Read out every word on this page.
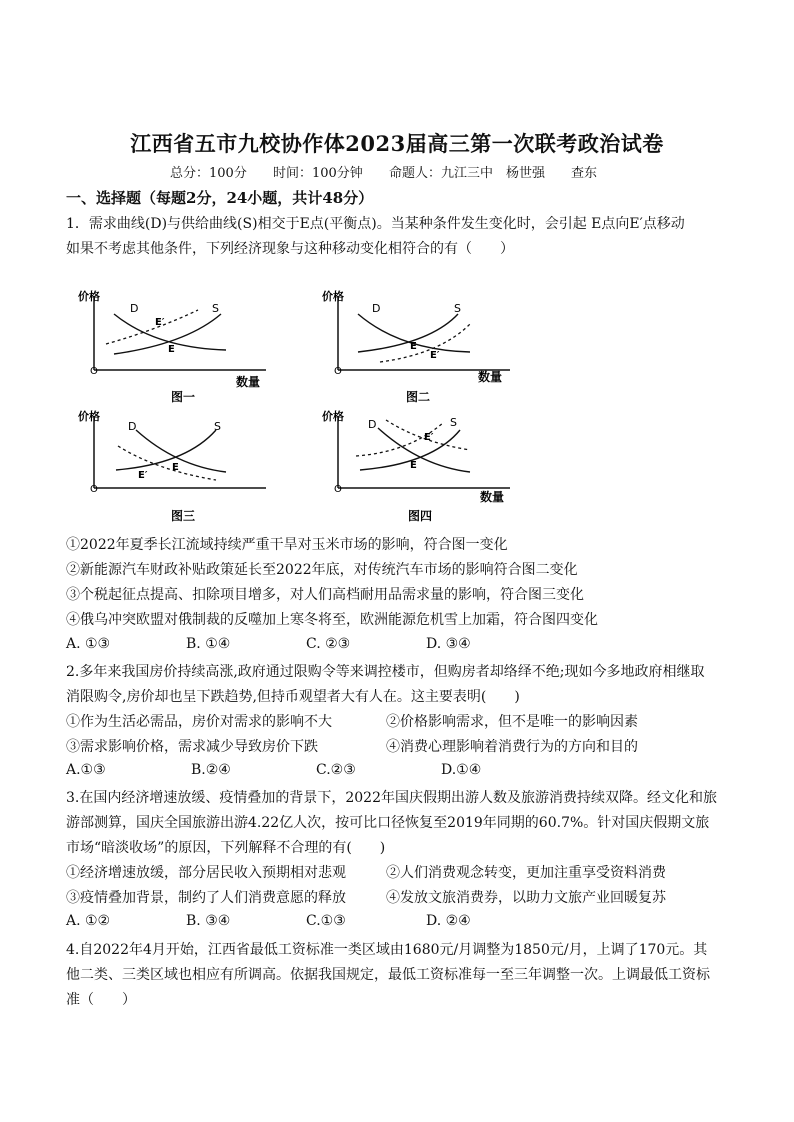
江西省五市九校协作体2023届高三第一次联考政治试卷
总分：100分 时间：100分钟 命题人：九江三中　杨世强　　查东
一、选择题（每题2分，24小题，共计48分）
1．需求曲线(D)与供给曲线(S)相交于E点(平衡点)。当某种条件发生变化时，会引起 E点向E′点移动
如果不考虑其他条件，下列经济现象与这种移动变化相符合的有（　　）
价格
O
D	S
E′
E
数量
图一
价格
O
D	S
E
E′
数量
图二
价格
O
D	S
E
E′
图三
价格
O
D	S
E′
E
数量
图四
①2022年夏季长江流域持续严重干旱对玉米市场的影响，符合图一变化
②新能源汽车财政补贴政策延长至2022年底，对传统汽车市场的影响符合图二变化
③个税起征点提高、扣除项目增多，对人们高档耐用品需求量的影响，符合图三变化
④俄乌冲突欧盟对俄制裁的反噬加上寒冬将至，欧洲能源危机雪上加霜，符合图四变化
A. ①③	B. ①④	C. ②③	D. ③④
2.多年来我国房价持续高涨,政府通过限购令等来调控楼市，但购房者却络绎不绝;现如今多地政府相继取
消限购令,房价却也呈下跌趋势,但持币观望者大有人在。这主要表明(　　)
①作为生活必需品，房价对需求的影响不大	②价格影响需求，但不是唯一的影响因素
③需求影响价格，需求减少导致房价下跌	④消费心理影响着消费行为的方向和目的
A.①③	B.②④	C.②③	D.①④
3.在国内经济增速放缓、疫情叠加的背景下，2022年国庆假期出游人数及旅游消费持续双降。经文化和旅
游部测算，国庆全国旅游出游4.22亿人次，按可比口径恢复至2019年同期的60.7%。针对国庆假期文旅
市场“暗淡收场”的原因，下列解释不合理的有(　　)
①经济增速放缓，部分居民收入预期相对悲观	②人们消费观念转变，更加注重享受资料消费
③疫情叠加背景，制约了人们消费意愿的释放	④发放文旅消费券，以助力文旅产业回暖复苏
A. ①②	B. ③④	C.①③	D. ②④
4.自2022年4月开始，江西省最低工资标准一类区域由1680元/月调整为1850元/月，上调了170元。其
他二类、三类区域也相应有所调高。依据我国规定，最低工资标准每一至三年调整一次。上调最低工资标
准（　　）
